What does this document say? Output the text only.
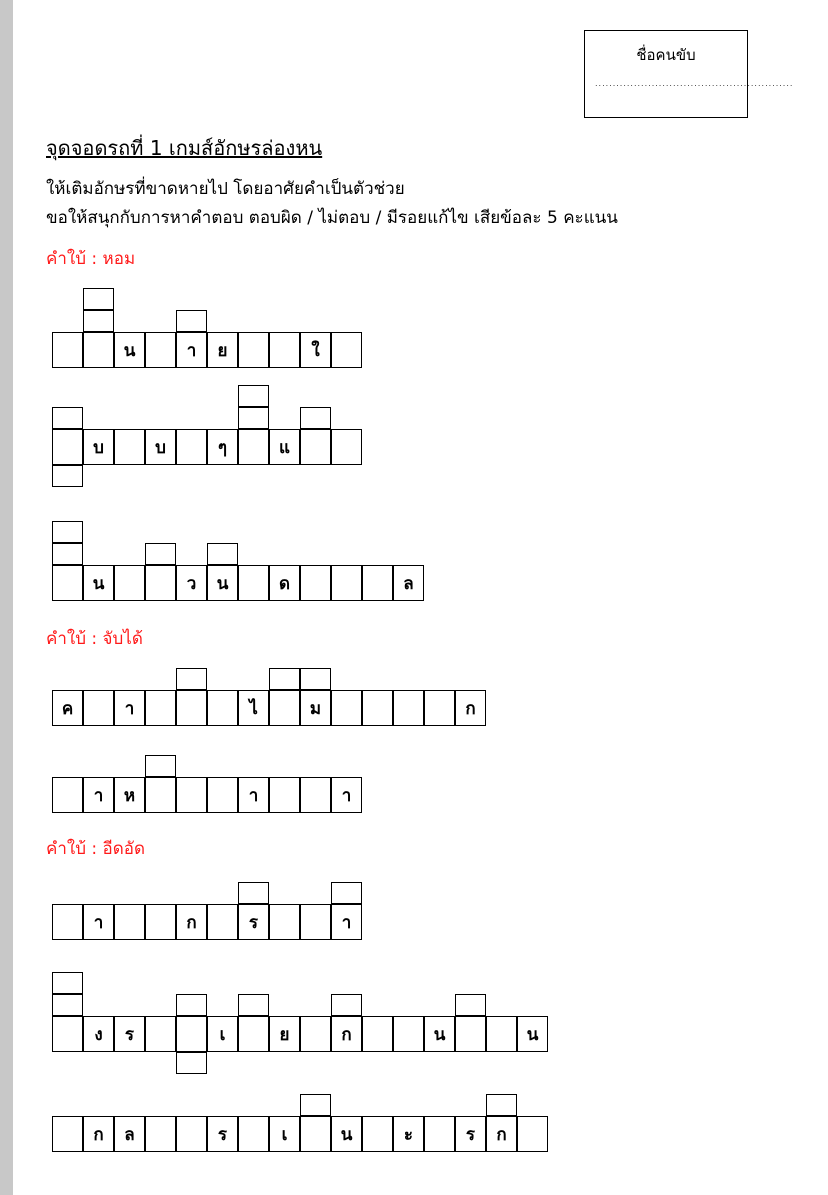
ชื่อคนขับ
........................................................
จุดจอดรถที่ 1 เกมส์อักษรล่องหน
ให้เติมอักษรที่ขาดหายไป โดยอาศัยคำเป็นตัวช่วย
ขอให้สนุกกับการหาคำตอบ ตอบผิด / ไม่ตอบ / มีรอยแก้ไข เสียข้อละ 5 คะแนน
คำใบ้ : หอม
คำใบ้ : จับได้
คำใบ้ : อีดอัด
น	า	ย	ใ
บ	บ	ๆ	แ
น	ว	น	ด	ล
ค	า	ไ	ม	ก
า	ห	า	า
า	ก	ร	า
ง	ร	เ	ย	ก	น	น
ก	ล	ร	เ	น	ะ	ร	ก
